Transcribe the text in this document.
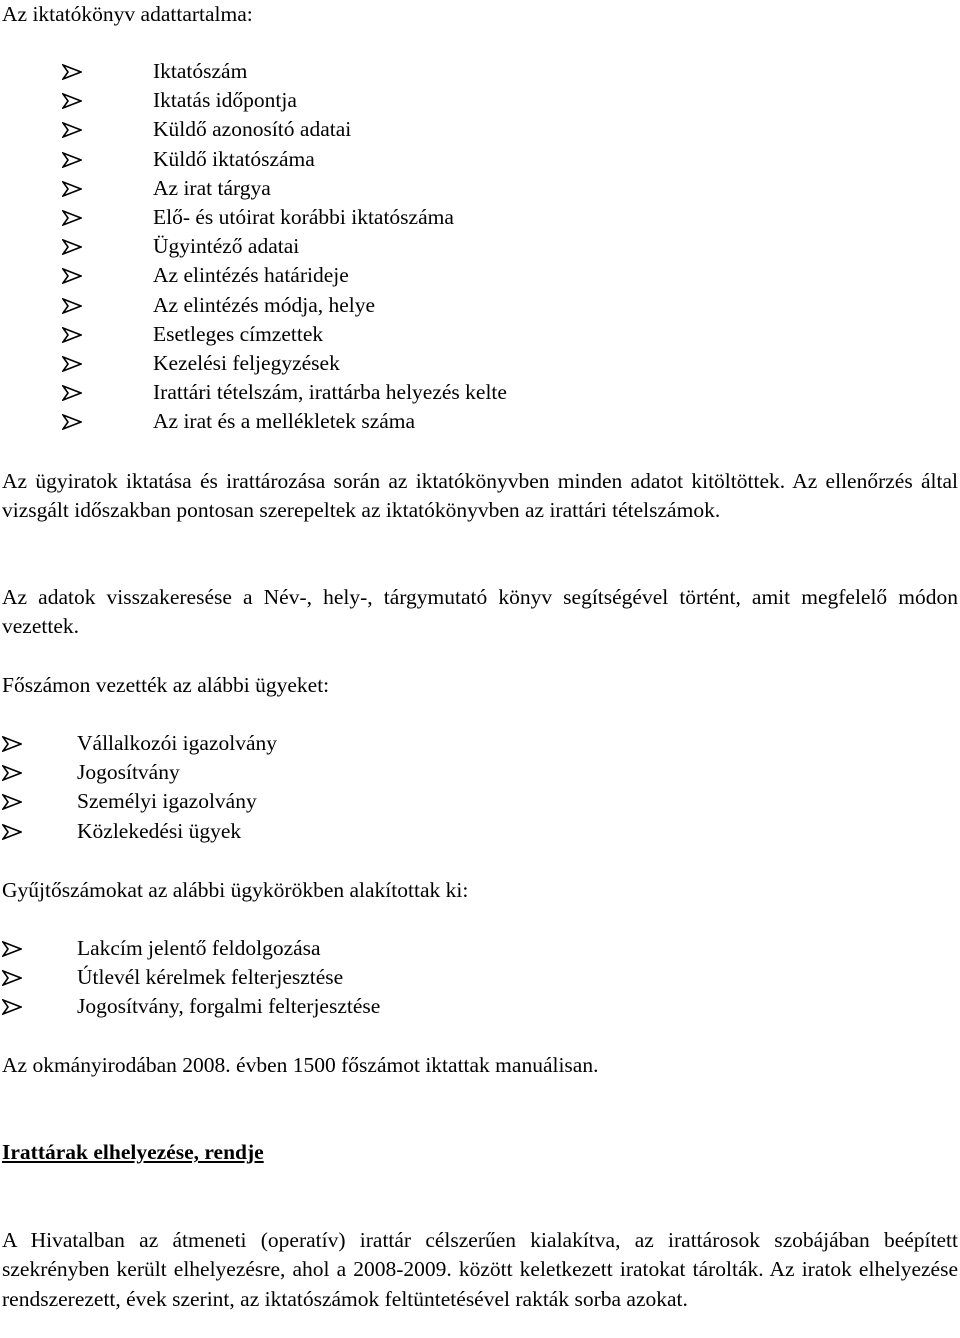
Az iktatókönyv adattartalma:
Iktatószám
Iktatás időpontja
Küldő azonosító adatai
Küldő iktatószáma
Az irat tárgya
Elő- és utóirat korábbi iktatószáma
Ügyintéző adatai
Az elintézés határideje
Az elintézés módja, helye
Esetleges címzettek
Kezelési feljegyzések
Irattári tételszám, irattárba helyezés kelte
Az irat és a mellékletek száma
Az ügyiratok iktatása és irattározása során az iktatókönyvben minden adatot kitöltöttek. Az ellenőrzés által vizsgált időszakban pontosan szerepeltek az iktatókönyvben az irattári tételszámok.
Az adatok visszakeresése a Név-, hely-, tárgymutató könyv segítségével történt, amit megfelelő módon vezettek.
Főszámon vezették az alábbi ügyeket:
Vállalkozói igazolvány
Jogosítvány
Személyi igazolvány
Közlekedési ügyek
Gyűjtőszámokat az alábbi ügykörökben alakítottak ki:
Lakcím jelentő feldolgozása
Útlevél kérelmek felterjesztése
Jogosítvány, forgalmi felterjesztése
Az okmányirodában 2008. évben 1500 főszámot iktattak manuálisan.
Irattárak elhelyezése, rendje
A Hivatalban az átmeneti (operatív) irattár célszerűen kialakítva, az irattárosok szobájában beépített szekrényben került elhelyezésre, ahol a 2008-2009. között keletkezett iratokat tárolták. Az iratok elhelyezése rendszerezett, évek szerint, az iktatószámok feltüntetésével rakták sorba azokat.
